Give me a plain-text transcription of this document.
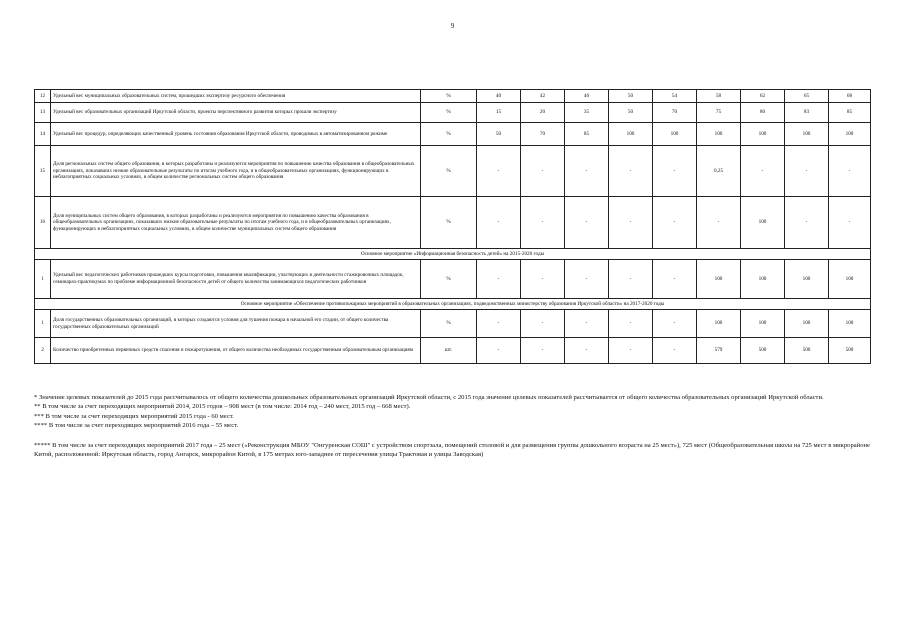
9
12	Удельный вес муниципальных образовательных систем, прошедших экспертизу ресурсного обеспечения	%	40	42	46	50	54	58	62	65	68
13	Удельный вес образовательных организаций Иркутской области, проекты перспективного развития которых прошли экспертизу	%	15	20	35	50	70	75	80	83	85
14	Удельный вес процедур, определяющих качественный уровень состояния образования Иркутской области, проводимых в автоматизированном режиме	%	50	70	85	100	100	100	100	100	100
15	Доля региональных систем общего образования, в которых разработаны и реализуются мероприятия по повышению качества образования в общеобразовательных организациях, показавших низкие образовательные результаты по итогам учебного года, и в общеобразовательных организациях, функционирующих в неблагоприятных социальных условиях, в общем количестве региональных систем общего образования	%	-	-	-	-	-	0,25	-	-	-
16	Доля муниципальных систем общего образования, в которых разработаны и реализуются мероприятия по повышению качества образования в общеобразовательных организациях, показавших низкие образовательные результаты по итогам учебного года, и в общеобразовательных организациях, функционирующих в неблагоприятных социальных условиях, в общем количестве муниципальных систем общего образования	%	-	-	-	-	-	-	100	-	-
Основное мероприятие «Информационная безопасность детей» на 2015-2020 годы											
1	Удельный вес педагогических работников прошедших курсы подготовки, повышения квалификации, участвующих в деятельности стажировочных площадок, семинарах-практикумах по проблеме информационной безопасности детей от общего количества занимающихся педагогических работников	%	-	-	-	-	-	100	100	100	100
Основное мероприятие «Обеспечение противопожарных мероприятий в образовательных организациях, подведомственных министерству образования Иркутской области» на 2017-2020 годы											
1	Доля государственных образовательных организаций, в которых создаются условия для тушения пожара в начальной его стадии, от общего количества государственных образовательных организаций	%	-	-	-	-	-	100	100	100	100
2	Количество приобретенных первичных средств спасения и пожаротушения, от общего количества необходимых государственным образовательным организациям	шт.	-	-	-	-	-	579	500	500	500

* Значение целевых показателей до 2015 года рассчитывалось от общего количества дошкольных образовательных организаций Иркутской области, с 2015 года значение целевых показателей рассчитывается от общего количества образовательных организаций Иркутской области.

** В том числе за счет переходящих мероприятий 2014, 2015 годов – 908 мест (в том числе: 2014 год – 240 мест, 2015 год – 668 мест).

*** В том числе за счет переходящих мероприятий 2015 года - 60 мест.

**** В том числе за счет переходящих мероприятий 2016 года – 55 мест.

***** В том числе за счет переходящих мероприятий 2017 года – 25 мест («Реконструкция МБОУ "Онгуренская СОШ" с устройством спортзала, помещений столовой и для размещения группы дошкольного возраста на 25 мест»), 725 мест (Общеобразовательная школа на 725 мест в микрорайоне Китой, расположенной: Иркутская область, город Ангарск, микрорайон Китой, в 175 метрах юго-западнее от пересечения улицы Трактовая и улицы Заводская)
